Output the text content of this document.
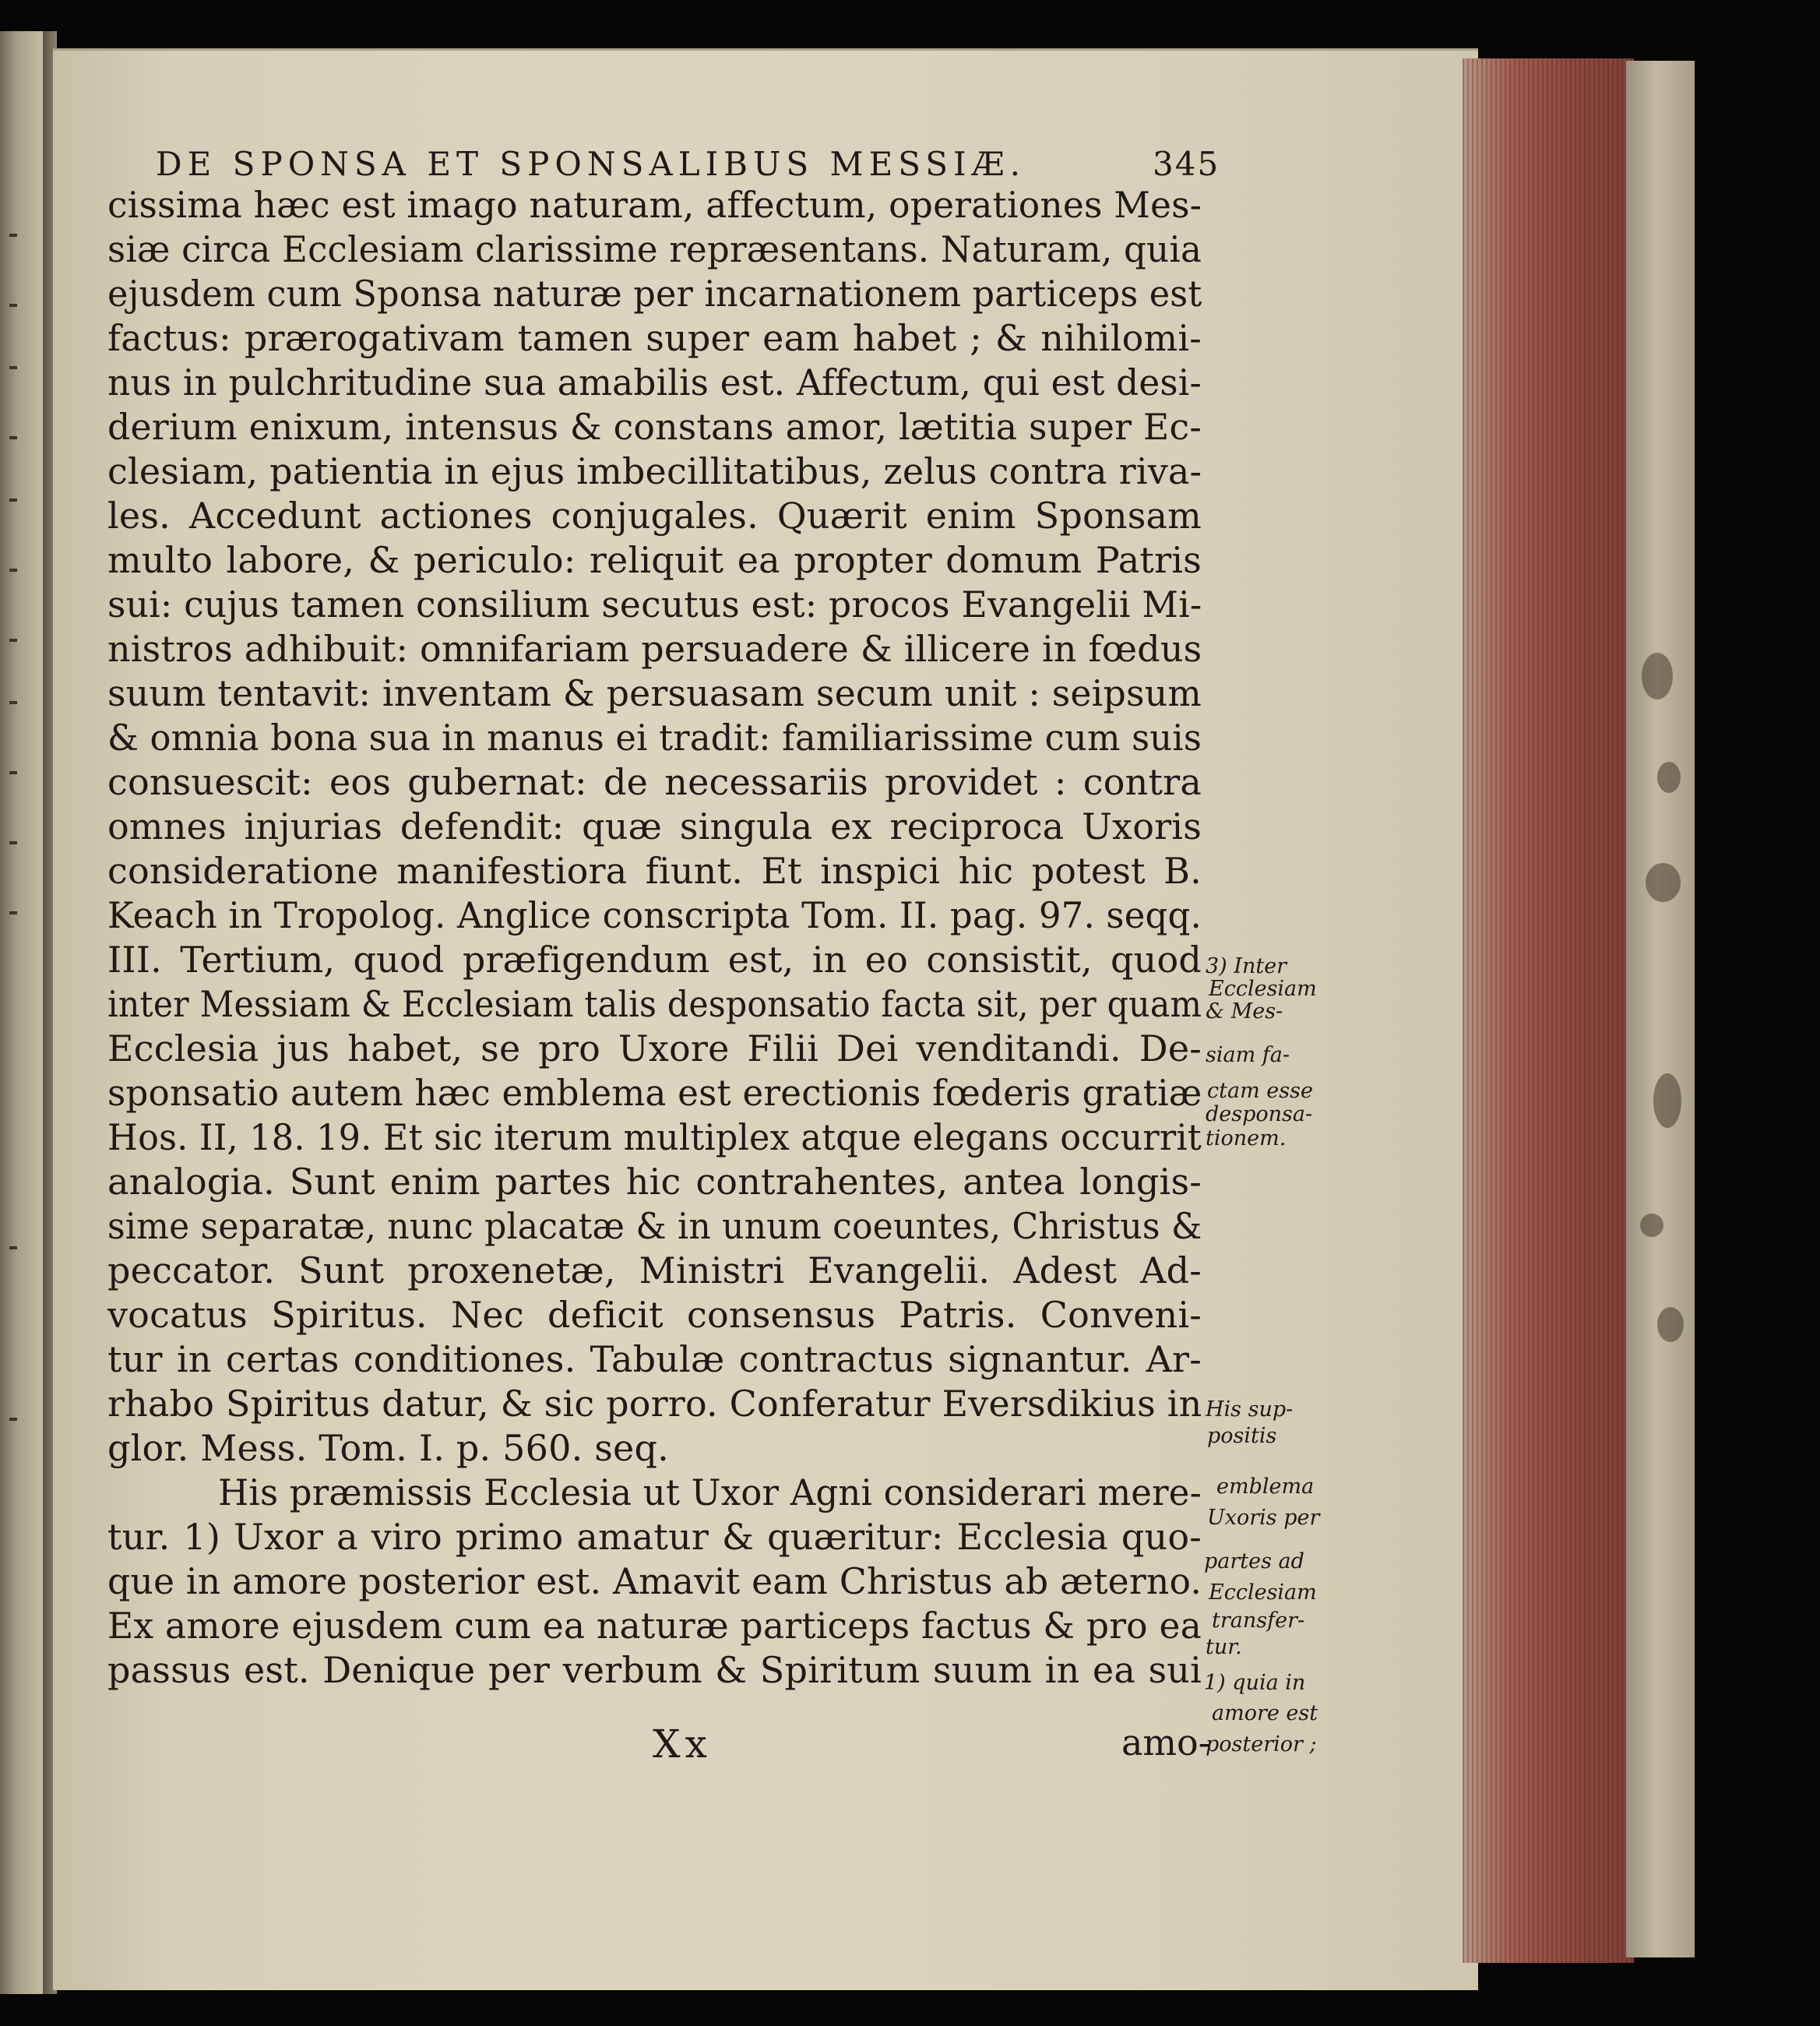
DE SPONSA ET SPONSALIBUS MESSIÆ.	345
cissima hæc est imago naturam, affectum, operationes Mes-
siæ circa Ecclesiam clarissime repræsentans. Naturam, quia
ejusdem cum Sponsa naturæ per incarnationem particeps est
factus: prærogativam tamen super eam habet ; & nihilomi-
nus in pulchritudine sua amabilis est. Affectum, qui est desi-
derium enixum, intensus & constans amor, lætitia super Ec-
clesiam, patientia in ejus imbecillitatibus, zelus contra riva-
les. Accedunt actiones conjugales. Quærit enim Sponsam
multo labore, & periculo: reliquit ea propter domum Patris
sui: cujus tamen consilium secutus est: procos Evangelii Mi-
nistros adhibuit: omnifariam persuadere & illicere in fœdus
suum tentavit: inventam & persuasam secum unit : seipsum
& omnia bona sua in manus ei tradit: familiarissime cum suis
consuescit: eos gubernat: de necessariis providet : contra
omnes injurias defendit: quæ singula ex reciproca Uxoris
consideratione manifestiora fiunt. Et inspici hic potest B.
Keach in Tropolog. Anglice conscripta Tom. II. pag. 97. seqq.
III. Tertium, quod præfigendum est, in eo consistit, quod
inter Messiam & Ecclesiam talis desponsatio facta sit, per quam
Ecclesia jus habet, se pro Uxore Filii Dei venditandi. De-
sponsatio autem hæc emblema est erectionis fœderis gratiæ
Hos. II, 18. 19. Et sic iterum multiplex atque elegans occurrit
analogia. Sunt enim partes hic contrahentes, antea longis-
sime separatæ, nunc placatæ & in unum coeuntes, Christus &
peccator. Sunt proxenetæ, Ministri Evangelii. Adest Ad-
vocatus Spiritus. Nec deficit consensus Patris. Conveni-
tur in certas conditiones. Tabulæ contractus signantur. Ar-
rhabo Spiritus datur, & sic porro. Conferatur Eversdikius in
glor. Mess. Tom. I. p. 560. seq.
His præmissis Ecclesia ut Uxor Agni considerari mere-
tur. 1) Uxor a viro primo amatur & quæritur: Ecclesia quo-
que in amore posterior est. Amavit eam Christus ab æterno.
Ex amore ejusdem cum ea naturæ particeps factus & pro ea
passus est. Denique per verbum & Spiritum suum in ea sui
3) Inter
Ecclesiam
& Mes-
siam fa-
ctam esse
desponsa-
tionem.
His sup-
positis
emblema
Uxoris per
partes ad
Ecclesiam
transfer-
tur.
1) quia in
amore est
posterior ;
Xx	amo-
